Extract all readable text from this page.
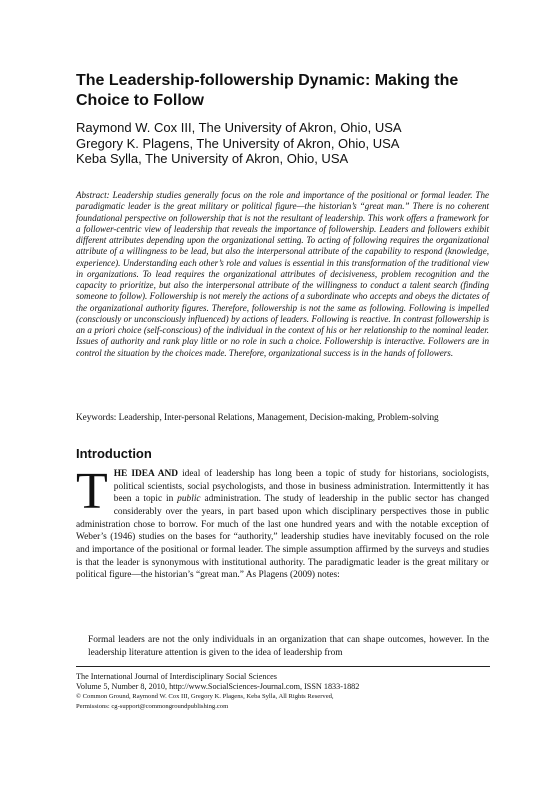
The Leadership-followership Dynamic: Making the Choice to Follow
Raymond W. Cox III, The University of Akron, Ohio, USA
Gregory K. Plagens, The University of Akron, Ohio, USA
Keba Sylla, The University of Akron, Ohio, USA

Abstract: Leadership studies generally focus on the role and importance of the positional or formal leader. The paradigmatic leader is the great military or political figure—the historian’s “great man.” There is no coherent foundational perspective on followership that is not the resultant of leadership. This work offers a framework for a follower-centric view of leadership that reveals the importance of followership. Leaders and followers exhibit different attributes depending upon the organizational setting. To acting of following requires the organizational attribute of a willingness to be lead, but also the interpersonal attribute of the capability to respond (knowledge, experience). Understanding each other’s role and values is essential in this transformation of the traditional view in organizations. To lead requires the organizational attributes of decisiveness, problem recognition and the capacity to prioritize, but also the interpersonal attribute of the willingness to conduct a talent search (finding someone to follow). Followership is not merely the actions of a subordinate who accepts and obeys the dictates of the organizational authority figures. Therefore, followership is not the same as following. Following is impelled (consciously or unconsciously influenced) by actions of leaders. Following is reactive. In contrast followership is an a priori choice (self-conscious) of the individual in the context of his or her relationship to the nominal leader. Issues of authority and rank play little or no role in such a choice. Followership is interactive. Followers are in control the situation by the choices made. Therefore, organizational success is in the hands of followers.

Keywords: Leadership, Inter-personal Relations, Management, Decision-making, Problem-solving
Introduction

THE IDEA AND ideal of leadership has long been a topic of study for historians, sociologists, political scientists, social psychologists, and those in business administration. Intermittently it has been a topic in public administration. The study of leadership in the public sector has changed considerably over the years, in part based upon which disciplinary perspectives those in public administration chose to borrow. For much of the last one hundred years and with the notable exception of Weber’s (1946) studies on the bases for “authority,” leadership studies have inevitably focused on the role and importance of the positional or formal leader. The simple assumption affirmed by the surveys and studies is that the leader is synonymous with institutional authority. The paradigmatic leader is the great military or political figure—the historian’s “great man.” As Plagens (2009) notes:

Formal leaders are not the only individuals in an organization that can shape outcomes, however. In the leadership literature attention is given to the idea of leadership from

The International Journal of Interdisciplinary Social Sciences
Volume 5, Number 8, 2010, http://www.SocialSciences-Journal.com, ISSN 1833-1882
© Common Ground, Raymond W. Cox III, Gregory K. Plagens, Keba Sylla, All Rights Reserved,
Permissions: cg-support@commongroundpublishing.com
